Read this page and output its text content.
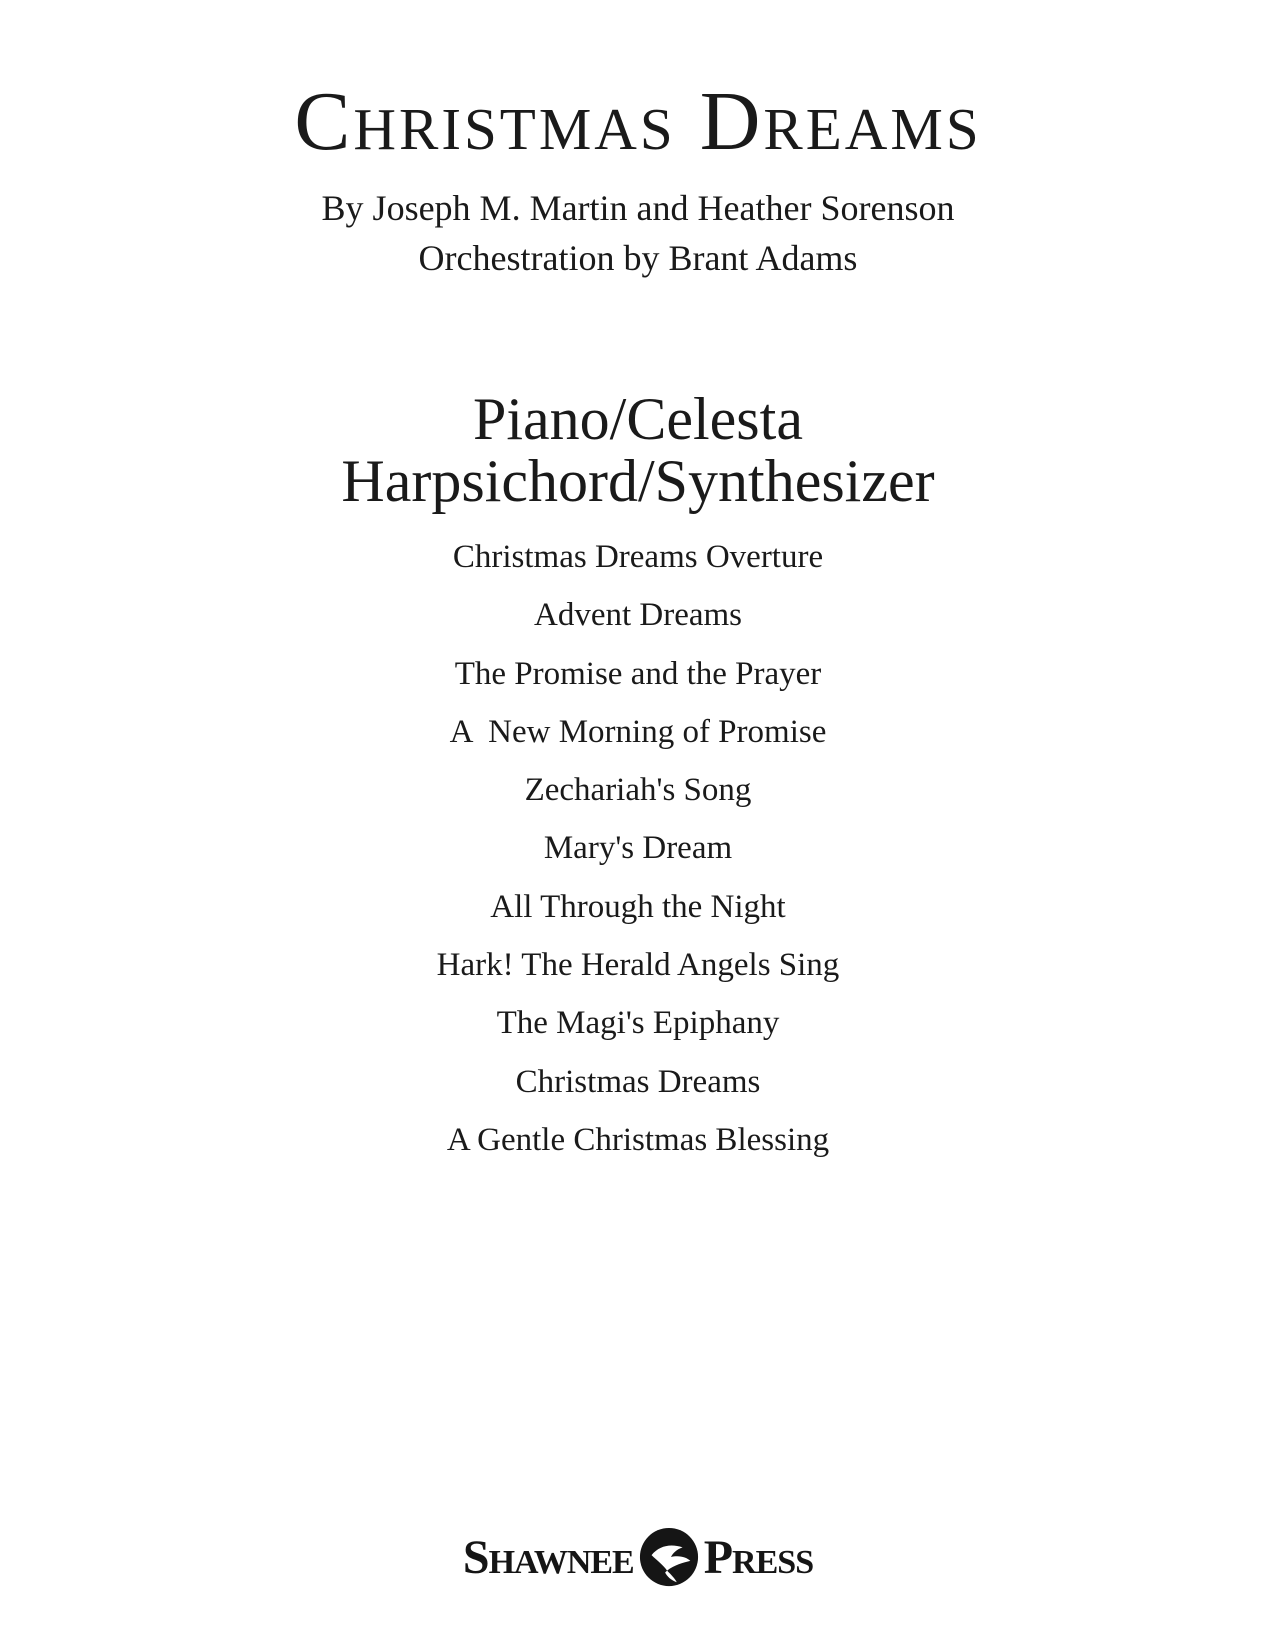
Christmas Dreams
By Joseph M. Martin and Heather Sorenson
Orchestration by Brant Adams
Piano/Celesta
Harpsichord/Synthesizer
Christmas Dreams Overture
Advent Dreams
The Promise and the Prayer
A  New Morning of Promise
Zechariah's Song
Mary's Dream
All Through the Night
Hark! The Herald Angels Sing
The Magi's Epiphany
Christmas Dreams
A Gentle Christmas Blessing
Shawnee Press
